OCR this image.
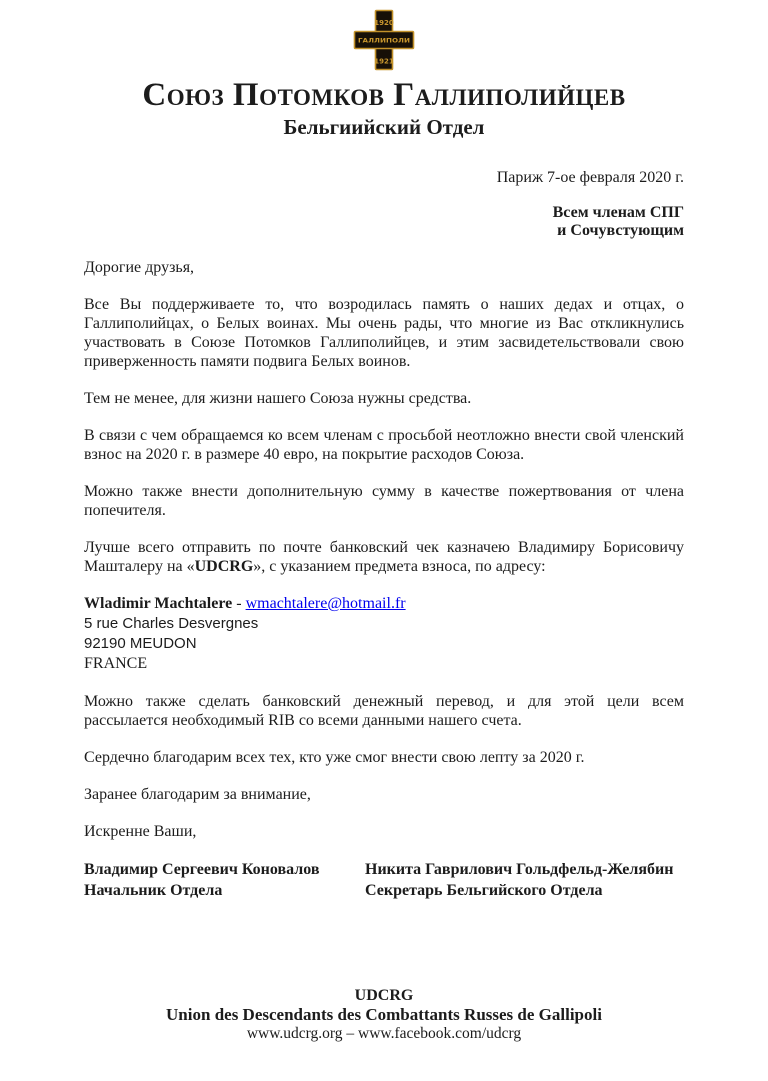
1920
ГАЛЛИПОЛИ
1921
Союз Потомков Галлиполийцев
Бельгиийский Отдел

Париж 7-ое февраля 2020 г.

Всем членам СПГ
и Сочувстующим

Дорогие друзья,

Все Вы поддерживаете то, что возродилась память о наших дедах и отцах, о Галлиполийцах, о Белых воинах. Мы очень рады, что многие из Вас откликнулись участвовать в Союзе Потомков Галлиполийцев, и этим засвидетельствовали свою приверженность памяти подвига Белых воинов.

Тем не менее, для жизни нашего Союза нужны средства.

В связи с чем обращаемся ко всем членам с просьбой неотложно внести свой членский взнос на 2020 г. в размере 40 евро, на покрытие расходов Союза.

Можно также внести дополнительную сумму в качестве пожертвования от члена попечителя.

Лучше всего отправить по почте банковский чек казначею Владимиру Борисовичу Машталеру на «UDCRG», с указанием предмета взноса, по адресу:

Wladimir Machtalere - wmachtalere@hotmail.fr

5 rue Charles Desvergnes
92190 MEUDON
FRANCE

Можно также сделать банковский денежный перевод, и для этой цели всем рассылается необходимый RIB со всеми данными нашего счета.

Сердечно благодарим всех тех, кто уже смог внести свою лепту за 2020 г.

Заранее благодарим за внимание,

Искренне Ваши,

Владимир Сергеевич Коновалов
Начальник Отдела
Никита Гаврилович Гольдфельд-Желябин
Секретарь Бельгийского Отдела
UDCRG
Union des Descendants des Combattants Russes de Gallipoli
www.udcrg.org – www.facebook.com/udcrg
